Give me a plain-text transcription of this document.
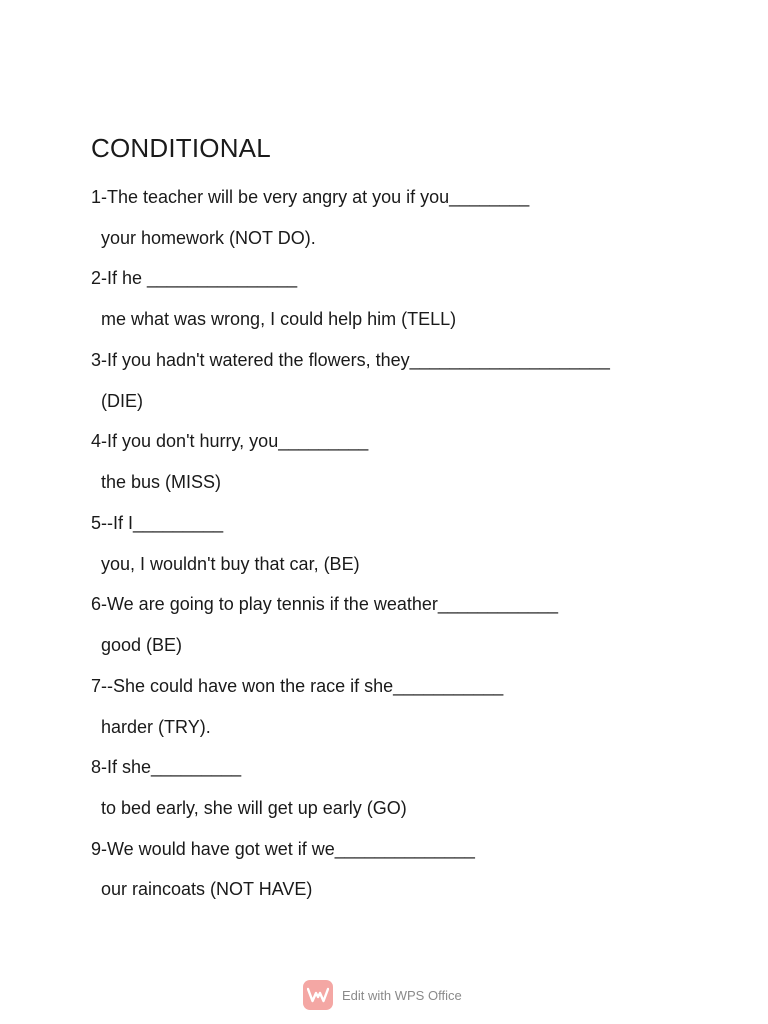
CONDITIONAL
1-The teacher will be very angry at you if you________
your homework (NOT DO).
2-If he _______________
me what was wrong, I could help him (TELL)
3-If you hadn't watered the flowers, they____________________
(DIE)
4-If you don't hurry, you_________
the bus (MISS)
5--If I_________
you, I wouldn't buy that car, (BE)
6-We are going to play tennis if the weather____________
good (BE)
7--She could have won the race if she___________
harder (TRY).
8-If she_________
to bed early, she will get up early (GO)
9-We would have got wet if we______________
our raincoats (NOT HAVE)
Edit with WPS Office
